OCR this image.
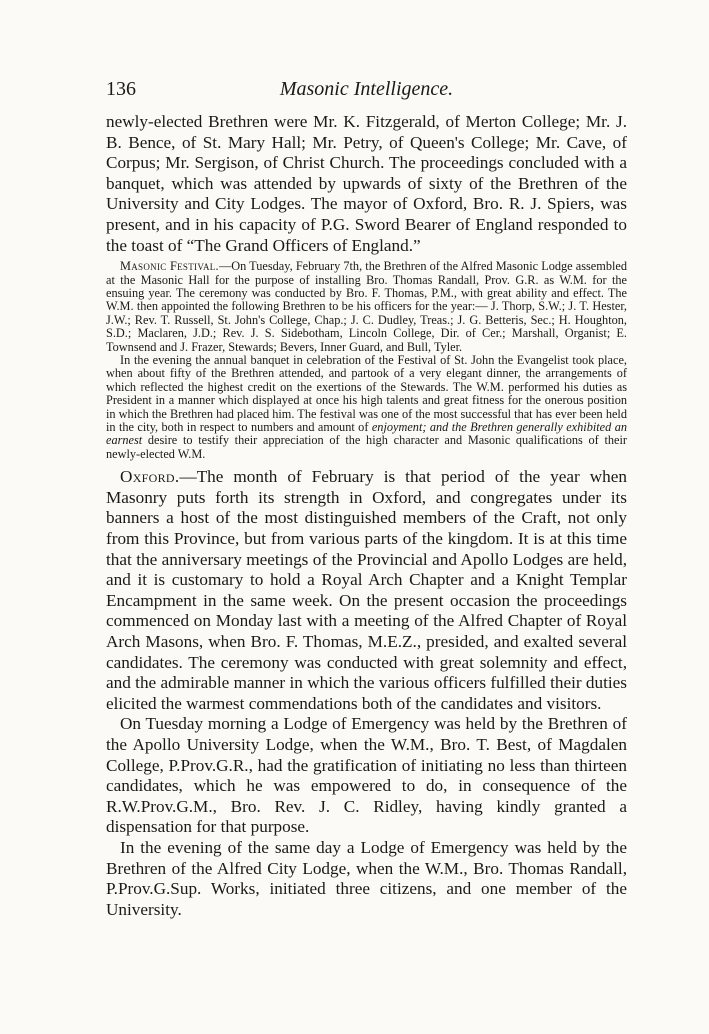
136	Masonic Intelligence.

newly-elected Brethren were Mr. K. Fitzgerald, of Merton College; Mr. J. B. Bence, of St. Mary Hall; Mr. Petry, of Queen's College; Mr. Cave, of Corpus; Mr. Sergison, of Christ Church. The proceedings concluded with a banquet, which was attended by upwards of sixty of the Brethren of the University and City Lodges. The mayor of Oxford, Bro. R. J. Spiers, was present, and in his capacity of P.G. Sword Bearer of England responded to the toast of “The Grand Officers of England.”

Masonic Festival.—On Tuesday, February 7th, the Brethren of the Alfred Masonic Lodge assembled at the Masonic Hall for the purpose of installing Bro. Thomas Randall, Prov. G.R. as W.M. for the ensuing year. The ceremony was conducted by Bro. F. Thomas, P.M., with great ability and effect. The W.M. then appointed the following Brethren to be his officers for the year:— J. Thorp, S.W.; J. T. Hester, J.W.; Rev. T. Russell, St. John's College, Chap.; J. C. Dudley, Treas.; J. G. Betteris, Sec.; H. Houghton, S.D.; Maclaren, J.D.; Rev. J. S. Sidebotham, Lincoln College, Dir. of Cer.; Marshall, Organist; E. Townsend and J. Frazer, Stewards; Bevers, Inner Guard, and Bull, Tyler.

In the evening the annual banquet in celebration of the Festival of St. John the Evangelist took place, when about fifty of the Brethren attended, and partook of a very elegant dinner, the arrangements of which reflected the highest credit on the exertions of the Stewards. The W.M. performed his duties as President in a manner which displayed at once his high talents and great fitness for the onerous position in which the Brethren had placed him. The festival was one of the most successful that has ever been held in the city, both in respect to numbers and amount of enjoyment; and the Brethren generally exhibited an earnest desire to testify their appreciation of the high character and Masonic qualifications of their newly-elected W.M.

Oxford.—The month of February is that period of the year when Masonry puts forth its strength in Oxford, and congregates under its banners a host of the most distinguished members of the Craft, not only from this Province, but from various parts of the kingdom. It is at this time that the anniversary meetings of the Provincial and Apollo Lodges are held, and it is customary to hold a Royal Arch Chapter and a Knight Templar Encampment in the same week. On the present occasion the proceedings commenced on Monday last with a meeting of the Alfred Chapter of Royal Arch Masons, when Bro. F. Thomas, M.E.Z., presided, and exalted several candidates. The ceremony was conducted with great solemnity and effect, and the admirable manner in which the various officers fulfilled their duties elicited the warmest commendations both of the candidates and visitors.

On Tuesday morning a Lodge of Emergency was held by the Brethren of the Apollo University Lodge, when the W.M., Bro. T. Best, of Magdalen College, P.Prov.G.R., had the gratification of initiating no less than thirteen candidates, which he was empowered to do, in consequence of the R.W.Prov.G.M., Bro. Rev. J. C. Ridley, having kindly granted a dispensation for that purpose.

In the evening of the same day a Lodge of Emergency was held by the Brethren of the Alfred City Lodge, when the W.M., Bro. Thomas Randall, P.Prov.G.Sup. Works, initiated three citizens, and one member of the University.
